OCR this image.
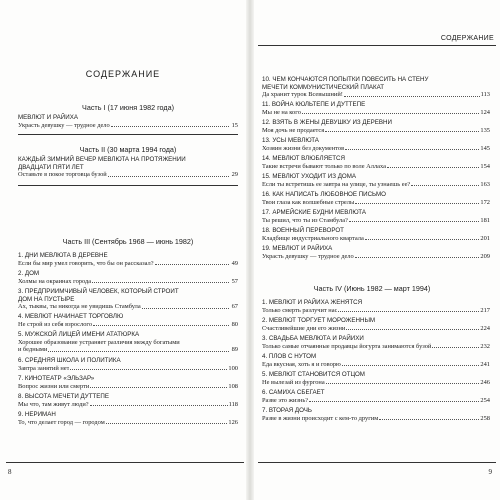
СОДЕРЖАНИЕ
Часть I (17 июня 1982 года)
МЕВЛЮТ И РАЙИХА
Украсть девушку — трудное дело	15
Часть II (30 марта 1994 года)
КАЖДЫЙ ЗИМНИЙ ВЕЧЕР МЕВЛЮТА НА ПРОТЯЖЕНИИ
ДВАДЦАТИ ПЯТИ ЛЕТ
Оставьте в покое торговца бузой	29
Часть III (Сентябрь 1968 — июнь 1982)
1. ДНИ МЕВЛЮТА В ДЕРЕВНЕ
Если бы мир умел говорить, что бы он рассказал?	49
2. ДОМ
Холмы на окраинах города	57
3. ПРЕДПРИИМЧИВЫЙ ЧЕЛОВЕК, КОТОРЫЙ СТРОИТ
ДОМ НА ПУСТЫРЕ
Ах, тыквы, ты никогда не увидишь Стамбула	67
4. МЕВЛЮТ НАЧИНАЕТ ТОРГОВЛЮ
Не строй из себя взрослого	80
5. МУЖСКОЙ ЛИЦЕЙ ИМЕНИ АТАТЮРКА
Хорошее образование устраняет различия между богатыми
и бедными	89
6. СРЕДНЯЯ ШКОЛА И ПОЛИТИКА
Завтра занятий нет	100
7. КИНОТЕАТР «ЭЛЬЗАР»
Вопрос жизни или смерти	108
8. ВЫСОТА МЕЧЕТИ ДУТТЕПЕ
Мы что, там живут люди?	118
9. НЕРИМАН
То, что делает город — городом	126
8
СОДЕРЖАНИЕ
10. ЧЕМ КОНЧАЮТСЯ ПОПЫТКИ ПОВЕСИТЬ НА СТЕНУ
МЕЧЕТИ КОММУНИСТИЧЕСКИЙ ПЛАКАТ
Да хранит турок Всевышний!	113
11. ВОЙНА КЮЛЬТЕПЕ И ДУТТЕПЕ
Мы не на кого	124
12. ВЗЯТЬ В ЖЕНЫ ДЕВУШКУ ИЗ ДЕРЕВНИ
Моя дочь не продается	135
13. УСЫ МЕВЛЮТА
Хозяин жизни без документов	145
14. МЕВЛЮТ ВЛЮБЛЯЕТСЯ
Такие встречи бывают только по воле Аллаха	154
15. МЕВЛЮТ УХОДИТ ИЗ ДОМА
Если ты встретишь ее завтра на улице, ты узнаешь ее?	163
16. КАК НАПИСАТЬ ЛЮБОВНОЕ ПИСЬМО
Твои глаза как волшебные стрелы	172
17. АРМЕЙСКИЕ БУДНИ МЕВЛЮТА
Ты решил, что ты из Стамбула?	181
18. ВОЕННЫЙ ПЕРЕВОРОТ
Кладбище индустриального квартала	201
19. МЕВЛЮТ И РАЙИХА
Украсть девушку — трудное дело	209
Часть IV (Июнь 1982 — март 1994)
1. МЕВЛЮТ И РАЙИХА ЖЕНЯТСЯ
Только смерть разлучит нас	217
2. МЕВЛЮТ ТОРГУЕТ МОРОЖЕННЫМ
Счастливейшие дни его жизни	224
3. СВАДЬБА МЕВЛЮТА И РАЙИХИ
Только самые отчаянные продавцы йогурта занимаются бузой	232
4. ПЛОВ С НУТОМ
Еда вкусная, хоть я и говорю	241
5. МЕВЛЮТ СТАНОВИТСЯ ОТЦОМ
Не вылезай из фургона	246
6. САМИХА СБЕГАЕТ
Разве это жизнь?	254
7. ВТОРАЯ ДОЧЬ
Разве в жизни происходит с кем-то другим	258
9
